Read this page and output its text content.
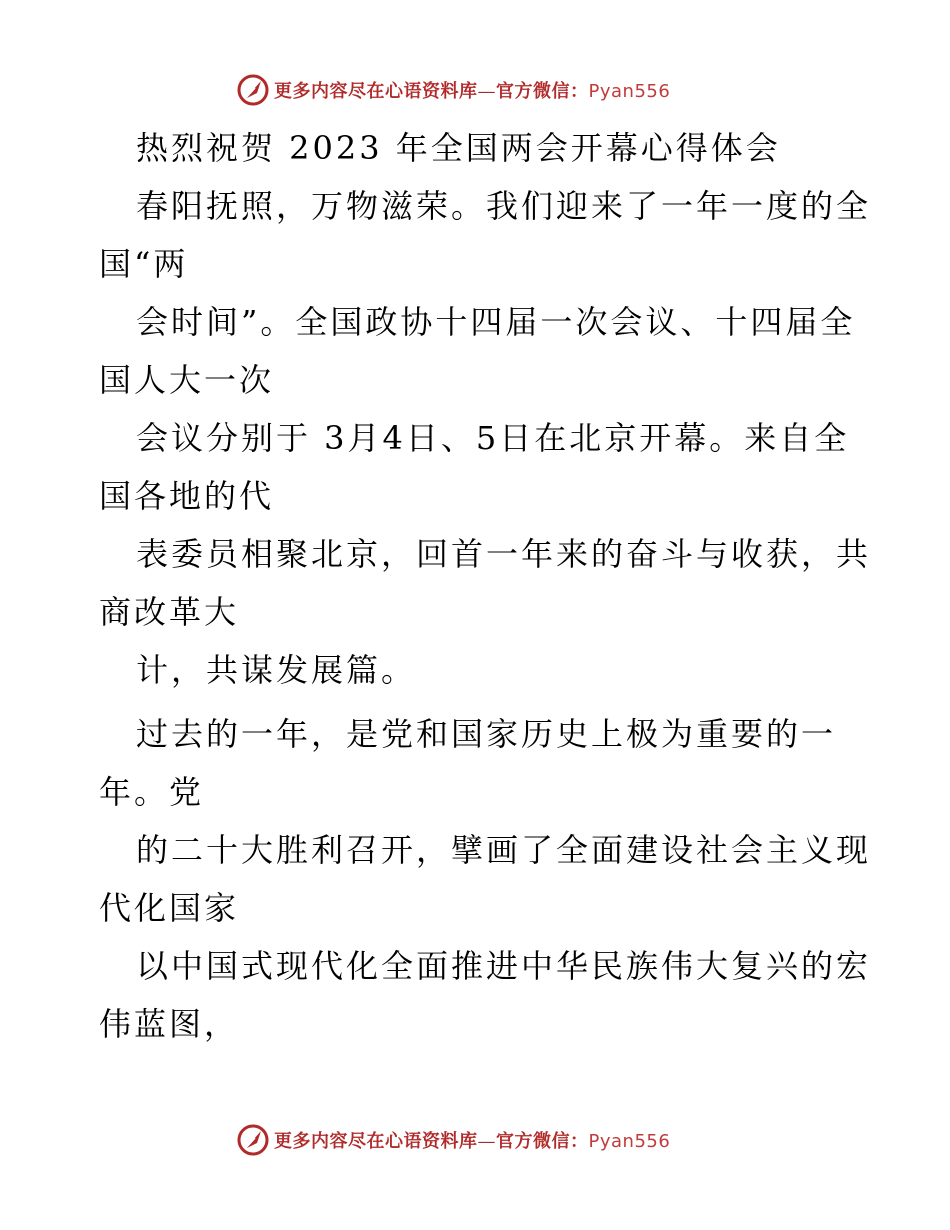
更多内容尽在心语资料库—官方微信：Pyan556
热烈祝贺 2023 年全国两会开幕心得体会
春阳抚照，万物滋荣。我们迎来了一年一度的全
国“两
会时间”。全国政协十四届一次会议、十四届全
国人大一次
会议分别于 3月4日、5日在北京开幕。来自全
国各地的代
表委员相聚北京，回首一年来的奋斗与收获，共
商改革大
计，共谋发展篇。
过去的一年，是党和国家历史上极为重要的一
年。党
的二十大胜利召开，擘画了全面建设社会主义现
代化国家
以中国式现代化全面推进中华民族伟大复兴的宏
伟蓝图，
更多内容尽在心语资料库—官方微信：Pyan556
